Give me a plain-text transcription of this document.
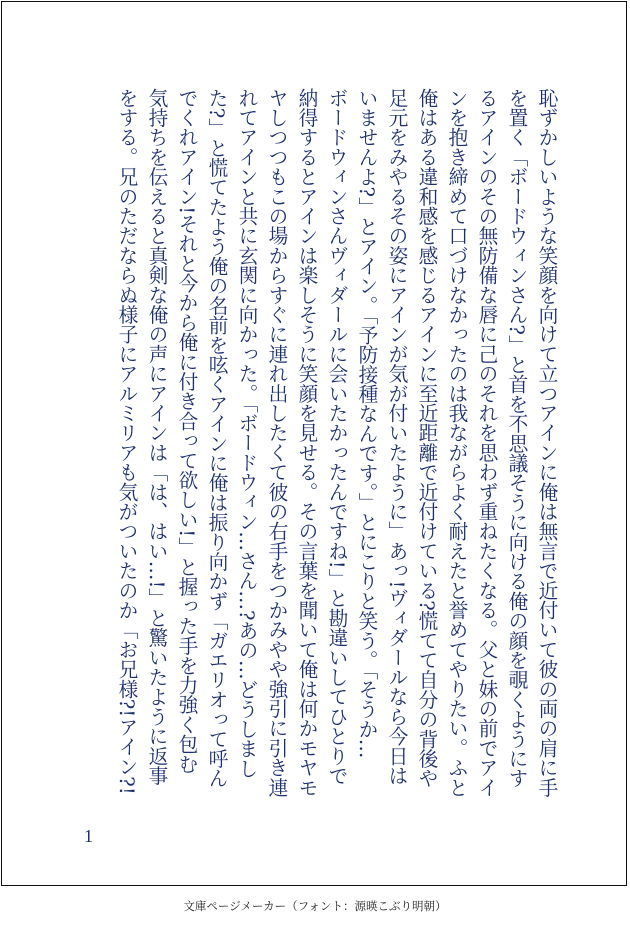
恥ずかしいような笑顔を向けて立つアインに俺は無言で近付いて彼の両の肩に手
を置く「ボードウィンさん?」と首を不思議そうに向ける俺の顔を覗くようにす
るアインのその無防備な唇に己のそれを思わず重ねたくなる。父と妹の前でアイ
ンを抱き締めて口づけなかったのは我ながらよく耐えたと誉めてやりたい。ふと
俺はある違和感を感じるアインに至近距離で近付けている?慌てて自分の背後や
足元をみやるその姿にアインが気が付いたように」あっ!ヴィダールなら今日は
いませんよ?」とアイン。「予防接種なんです。」とにこりと笑う。「そうか…
ボードウィンさんヴィダールに会いたかったんですね!」と勘違いしてひとりで
納得するとアインは楽しそうに笑顔を見せる。その言葉を聞いて俺は何かモヤモ
ヤしつつもこの場からすぐに連れ出したくて彼の右手をつかみやや強引に引き連
れてアインと共に玄関に向かった。「ボードウィン…さん…?あの…どうしまし
た?」と慌てたよう俺の名前を呟くアインに俺は振り向かず「ガエリオって呼ん
でくれアイン!それと今から俺に付き合って欲しい!」と握った手を力強く包む
気持ちを伝えると真剣な俺の声にアインは「は、はい…!」と驚いたように返事
をする。兄のただならぬ様子にアルミリアも気がついたのか「お兄様?!アイン?!
1
文庫ページメーカー（フォント：源暎こぶり明朝）
